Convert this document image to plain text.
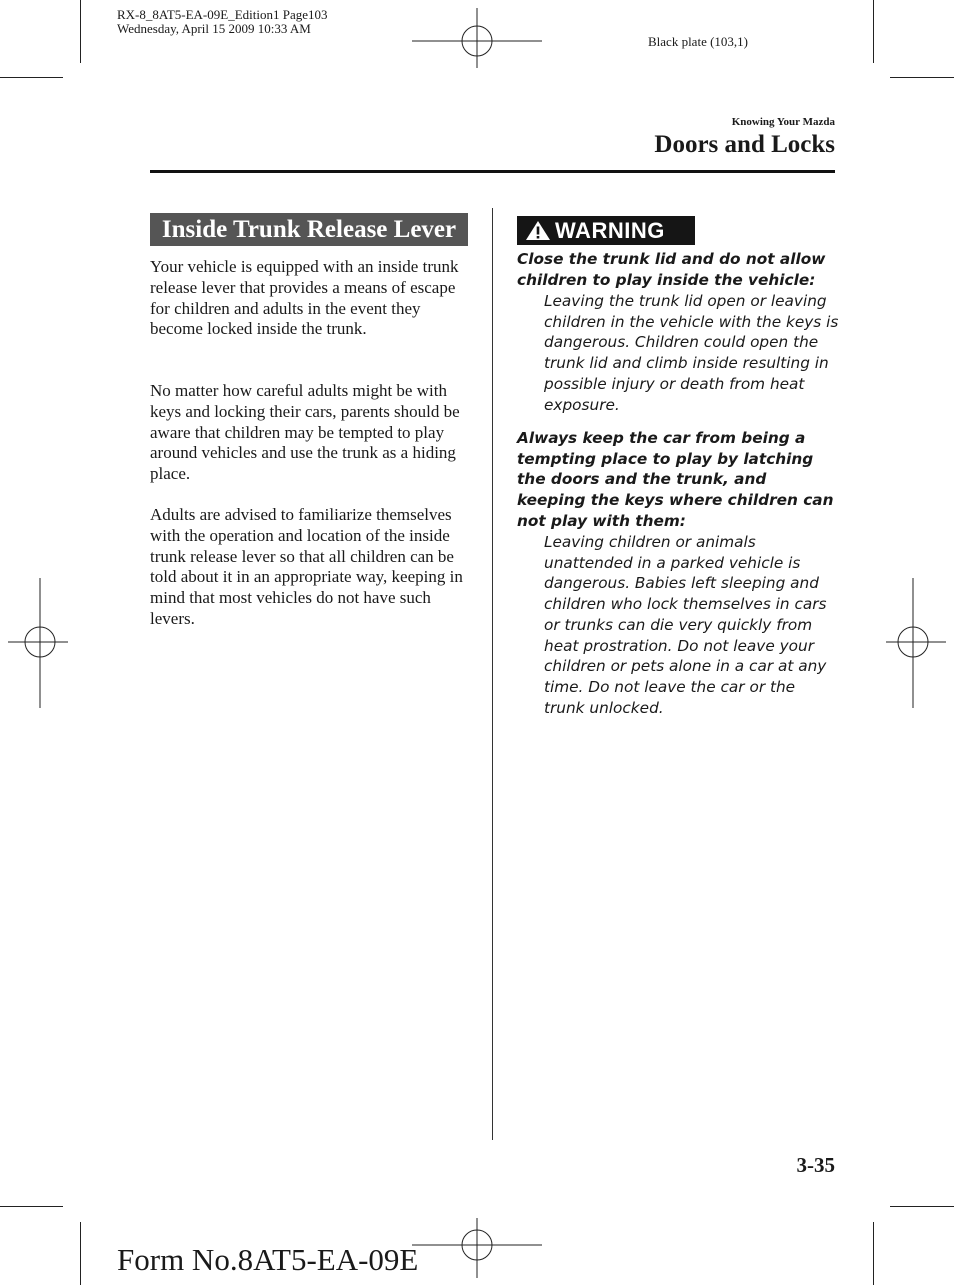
RX-8_8AT5-EA-09E_Edition1 Page103
Wednesday, April 15 2009 10:33 AM
Black plate (103,1)
Knowing Your Mazda
Doors and Locks
Inside Trunk Release Lever

Your vehicle is equipped with an inside trunk release lever that provides a means of escape for children and adults in the event they become locked inside the trunk.

No matter how careful adults might be with keys and locking their cars, parents should be aware that children may be tempted to play around vehicles and use the trunk as a hiding place.

Adults are advised to familiarize themselves with the operation and location of the inside trunk release lever so that all children can be told about it in an appropriate way, keeping in mind that most vehicles do not have such levers.

WARNING
Close the trunk lid and do not allow children to play inside the vehicle:
Leaving the trunk lid open or leaving children in the vehicle with the keys is dangerous. Children could open the trunk lid and climb inside resulting in possible injury or death from heat exposure.
Always keep the car from being a tempting place to play by latching the doors and the trunk, and keeping the keys where children can not play with them:
Leaving children or animals unattended in a parked vehicle is dangerous. Babies left sleeping and children who lock themselves in cars or trunks can die very quickly from heat prostration. Do not leave your children or pets alone in a car at any time. Do not leave the car or the trunk unlocked.
3-35
Form No.8AT5-EA-09E
